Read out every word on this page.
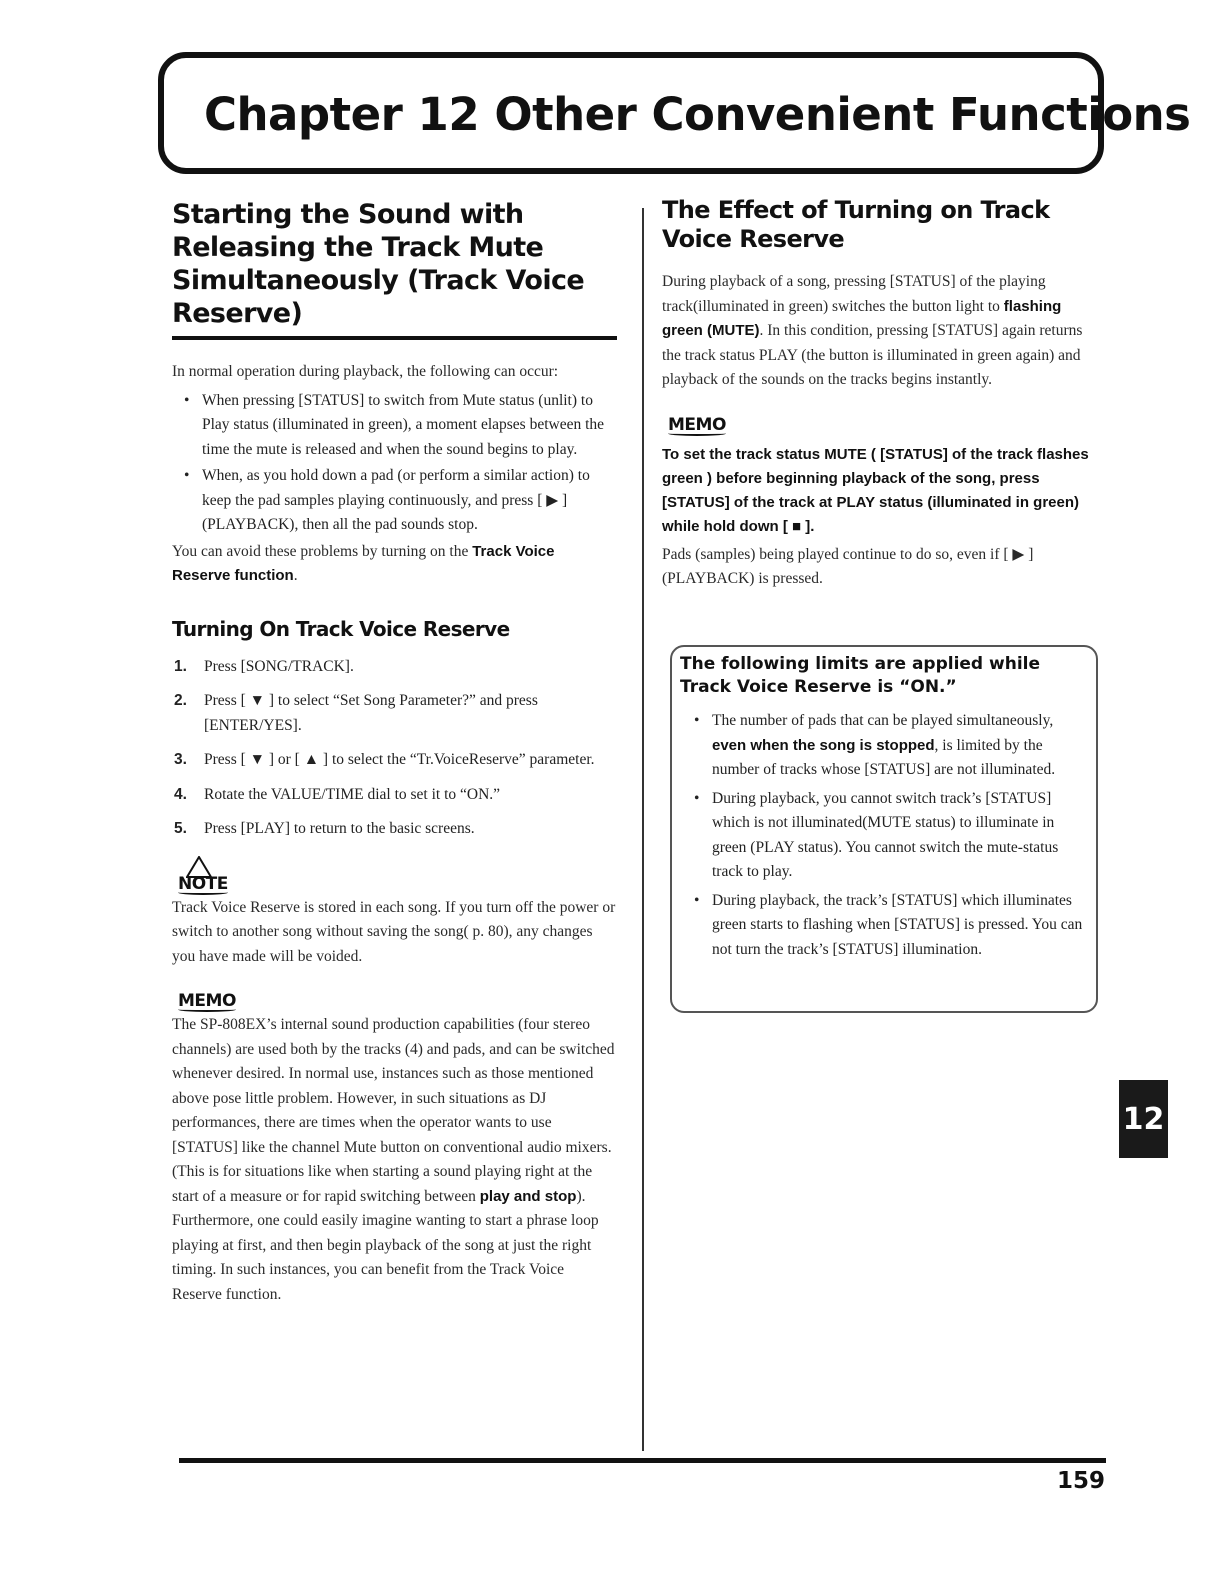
Chapter 12 Other Convenient Functions
Starting the Sound with Releasing the Track Mute Simultaneously (Track Voice Reserve)

In normal operation during playback, the following can occur:

• When pressing [STATUS] to switch from Mute status (unlit) to Play status (illuminated in green), a moment elapses between the time the mute is released and when the sound begins to play.
• When, as you hold down a pad (or perform a similar action) to keep the pad samples playing continuously, and press [ ▶ ] (PLAYBACK), then all the pad sounds stop.

You can avoid these problems by turning on the Track Voice Reserve function.

Turning On Track Voice Reserve
1. Press [SONG/TRACK].
2. Press [ ▼ ] to select “Set Song Parameter?” and press [ENTER/YES].
3. Press [ ▼ ] or [ ▲ ] to select the “Tr.VoiceReserve” parameter.
4. Rotate the VALUE/TIME dial to set it to “ON.”
5. Press [PLAY] to return to the basic screens.
NOTE

Track Voice Reserve is stored in each song. If you turn off the power or switch to another song without saving the song( p. 80), any changes you have made will be voided.

MEMO

The SP-808EX’s internal sound production capabilities (four stereo channels) are used both by the tracks (4) and pads, and can be switched whenever desired. In normal use, instances such as those mentioned above pose little problem. However, in such situations as DJ performances, there are times when the operator wants to use [STATUS] like the channel Mute button on conventional audio mixers. (This is for situations like when starting a sound playing right at the start of a measure or for rapid switching between play and stop). Furthermore, one could easily imagine wanting to start a phrase loop playing at first, and then begin playback of the song at just the right timing. In such instances, you can benefit from the Track Voice Reserve function.

The Effect of Turning on Track Voice Reserve

During playback of a song, pressing [STATUS] of the playing track(illuminated in green) switches the button light to flashing green (MUTE). In this condition, pressing [STATUS] again returns the track status PLAY (the button is illuminated in green again) and playback of the sounds on the tracks begins instantly.

MEMO

To set the track status MUTE ( [STATUS] of the track flashes green ) before beginning playback of the song, press [STATUS] of the track at PLAY status (illuminated in green) while hold down [ ■ ].

Pads (samples) being played continue to do so, even if [ ▶ ] (PLAYBACK) is pressed.

The following limits are applied while Track Voice Reserve is “ON.”

• The number of pads that can be played simultaneously, even when the song is stopped, is limited by the number of tracks whose [STATUS] are not illuminated.
• During playback, you cannot switch track’s [STATUS] which is not illuminated(MUTE status) to illuminate in green (PLAY status). You cannot switch the mute-status track to play.
• During playback, the track’s [STATUS] which illuminates green starts to flashing when [STATUS] is pressed. You can not turn the track’s [STATUS] illumination.
12
159
